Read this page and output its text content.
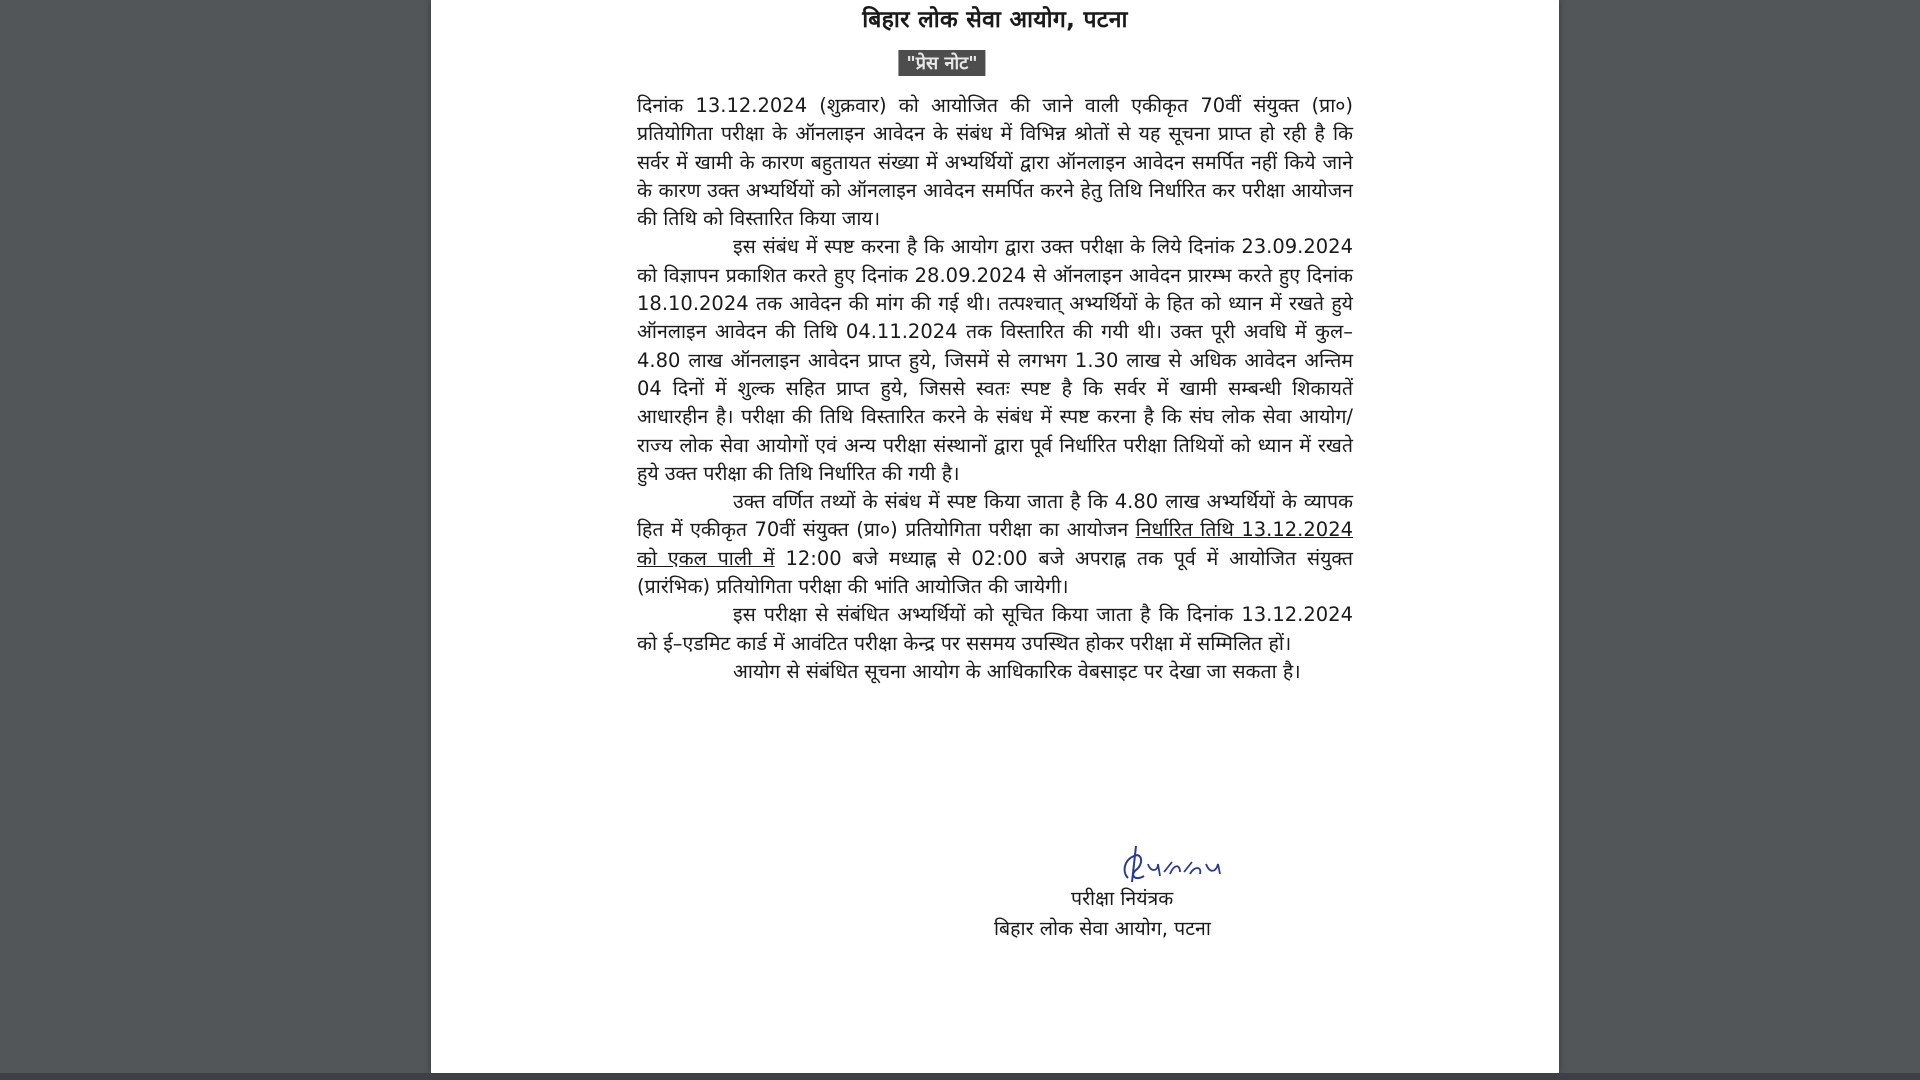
बिहार लोक सेवा आयोग, पटना
"प्रेस नोट"

दिनांक 13.12.2024 (शुक्रवार) को आयोजित की जाने वाली एकीकृत 70वीं संयुक्त (प्रा०) प्रतियोगिता परीक्षा के ऑनलाइन आवेदन के संबंध में विभिन्न श्रोतों से यह सूचना प्राप्त हो रही है कि सर्वर में खामी के कारण बहुतायत संख्या में अभ्यर्थियों द्वारा ऑनलाइन आवेदन समर्पित नहीं किये जाने के कारण उक्त अभ्यर्थियों को ऑनलाइन आवेदन समर्पित करने हेतु तिथि निर्धारित कर परीक्षा आयोजन की तिथि को विस्तारित किया जाय।

इस संबंध में स्पष्ट करना है कि आयोग द्वारा उक्त परीक्षा के लिये दिनांक 23.09.2024 को विज्ञापन प्रकाशित करते हुए दिनांक 28.09.2024 से ऑनलाइन आवेदन प्रारम्भ करते हुए दिनांक 18.10.2024 तक आवेदन की मांग की गई थी। तत्पश्चात् अभ्यर्थियों के हित को ध्यान में रखते हुये ऑनलाइन आवेदन की तिथि 04.11.2024 तक विस्तारित की गयी थी। उक्त पूरी अवधि में कुल– 4.80 लाख ऑनलाइन आवेदन प्राप्त हुये, जिसमें से लगभग 1.30 लाख से अधिक आवेदन अन्तिम 04 दिनों में शुल्क सहित प्राप्त हुये, जिससे स्वतः स्पष्ट है कि सर्वर में खामी सम्बन्धी शिकायतें आधारहीन है। परीक्षा की तिथि विस्तारित करने के संबंध में स्पष्ट करना है कि संघ लोक सेवा आयोग/राज्य लोक सेवा आयोगों एवं अन्य परीक्षा संस्थानों द्वारा पूर्व निर्धारित परीक्षा तिथियों को ध्यान में रखते हुये उक्त परीक्षा की तिथि निर्धारित की गयी है।

उक्त वर्णित तथ्यों के संबंध में स्पष्ट किया जाता है कि 4.80 लाख अभ्यर्थियों के व्यापक हित में एकीकृत 70वीं संयुक्त (प्रा०) प्रतियोगिता परीक्षा का आयोजन निर्धारित तिथि 13.12.2024 को एकल पाली में 12:00 बजे मध्याह्न से 02:00 बजे अपराह्न तक पूर्व में आयोजित संयुक्त (प्रारंभिक) प्रतियोगिता परीक्षा की भांति आयोजित की जायेगी।

इस परीक्षा से संबंधित अभ्यर्थियों को सूचित किया जाता है कि दिनांक 13.12.2024 को ई–एडमिट कार्ड में आवंटित परीक्षा केन्द्र पर ससमय उपस्थित होकर परीक्षा में सम्मिलित हों।

आयोग से संबंधित सूचना आयोग के आधिकारिक वेबसाइट पर देखा जा सकता है।

परीक्षा नियंत्रक
बिहार लोक सेवा आयोग, पटना
